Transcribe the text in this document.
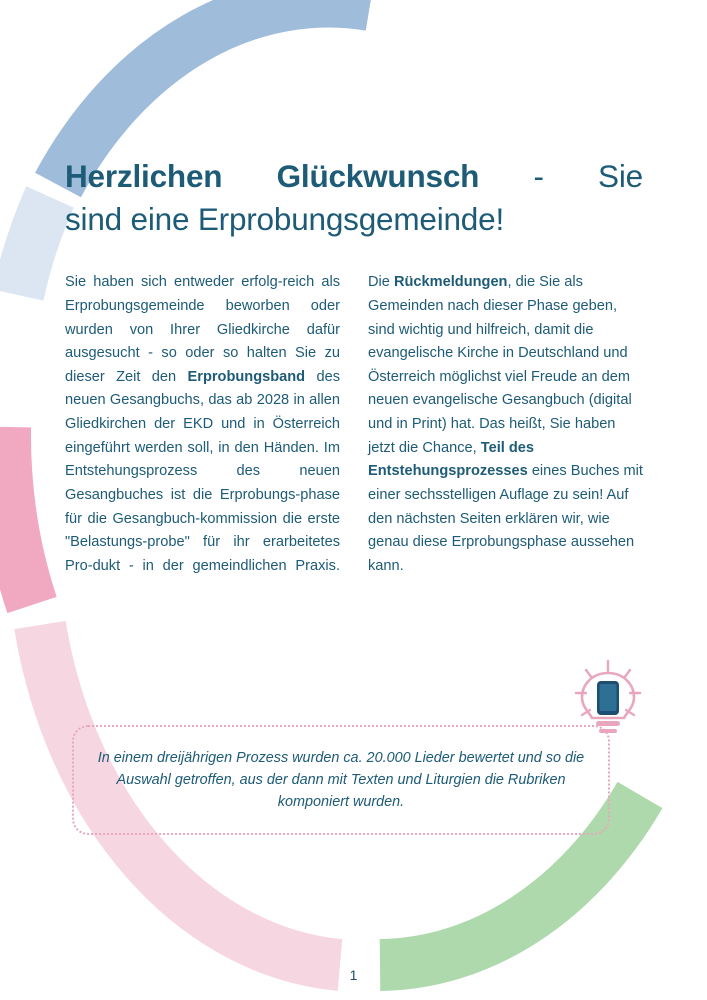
Herzlichen Glückwunsch - Sie
sind eine Erprobungsgemeinde!
Sie haben sich entweder erfolg-reich als Erprobungsgemeinde beworben oder wurden von Ihrer Gliedkirche dafür ausgesucht - so oder so halten Sie zu dieser Zeit den Erprobungsband des neuen Gesangbuchs, das ab 2028 in allen Gliedkirchen der EKD und in Österreich eingeführt werden soll, in den Händen. Im Entstehungsprozess des neuen Gesangbuches ist die Erprobungs-phase für die Gesangbuch-kommission die erste "Belastungs-probe" für ihr erarbeitetes Pro-dukt - in der gemeindlichen Praxis.
Die Rückmeldungen, die Sie als Gemeinden nach dieser Phase geben, sind wichtig und hilfreich, damit die evangelische Kirche in Deutschland und Österreich möglichst viel Freude an dem neuen evangelische Gesangbuch (digital und in Print) hat. Das heißt, Sie haben jetzt die Chance, Teil des Entstehungsprozesses eines Buches mit einer sechsstelligen Auflage zu sein! Auf den nächsten Seiten erklären wir, wie genau diese Erprobungsphase aussehen kann.

In einem dreijährigen Prozess wurden ca. 20.000 Lieder bewertet und so die Auswahl getroffen, aus der dann mit Texten und Liturgien die Rubriken komponiert wurden.

1
